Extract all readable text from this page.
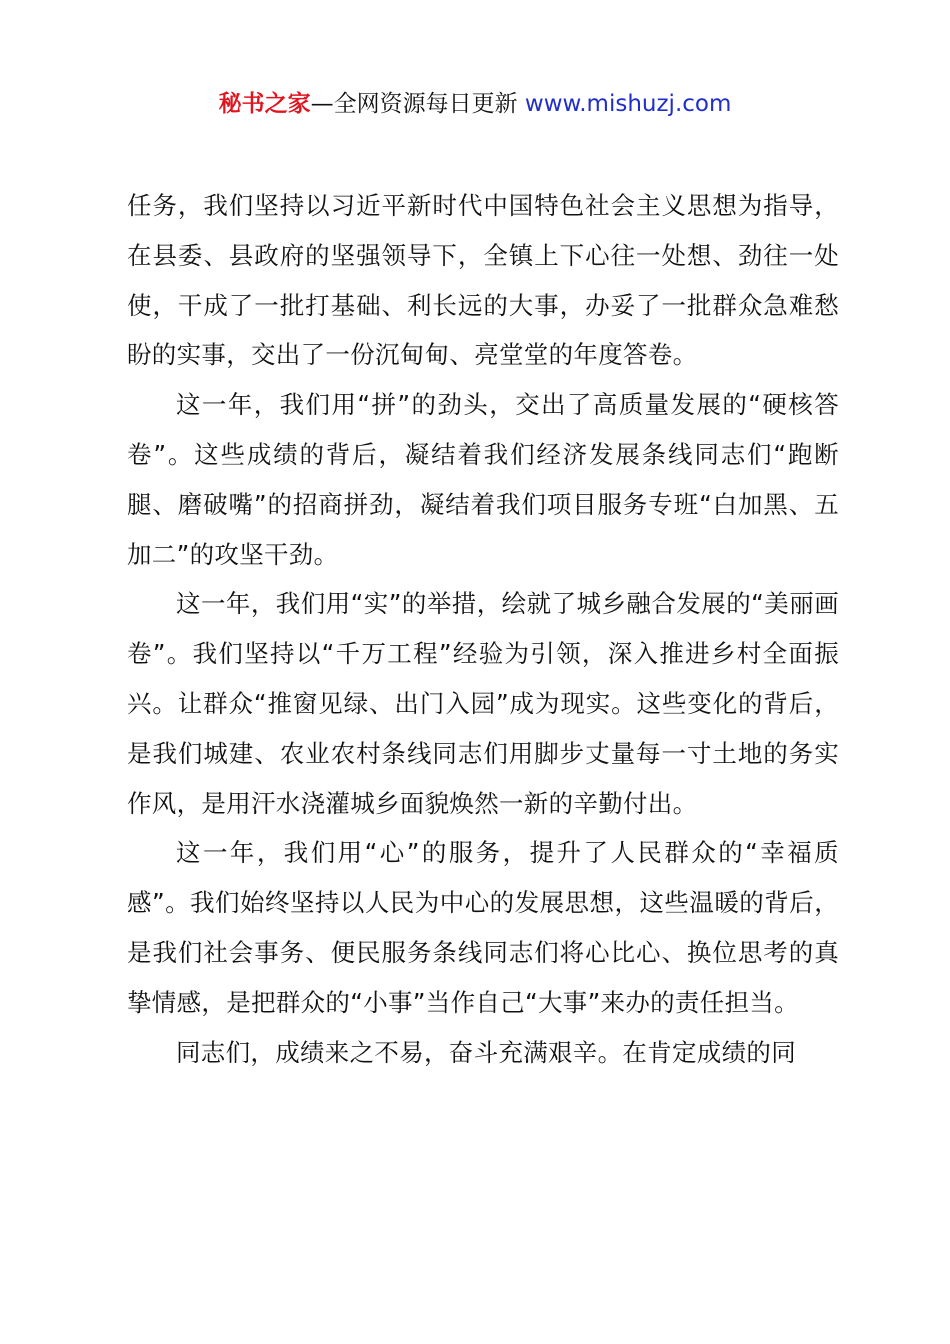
秘书之家—全网资源每日更新 www.mishuzj.com

任务，我们坚持以习近平新时代中国特色社会主义思想为指导，在县委、县政府的坚强领导下，全镇上下心往一处想、劲往一处使，干成了一批打基础、利长远的大事，办妥了一批群众急难愁盼的实事，交出了一份沉甸甸、亮堂堂的年度答卷。

这一年，我们用“拼”的劲头，交出了高质量发展的“硬核答卷”。这些成绩的背后，凝结着我们经济发展条线同志们“跑断腿、磨破嘴”的招商拼劲，凝结着我们项目服务专班“白加黑、五加二”的攻坚干劲。

这一年，我们用“实”的举措，绘就了城乡融合发展的“美丽画卷”。我们坚持以“千万工程”经验为引领，深入推进乡村全面振兴。让群众“推窗见绿、出门入园”成为现实。这些变化的背后，是我们城建、农业农村条线同志们用脚步丈量每一寸土地的务实作风，是用汗水浇灌城乡面貌焕然一新的辛勤付出。

这一年，我们用“心”的服务，提升了人民群众的“幸福质感”。我们始终坚持以人民为中心的发展思想，这些温暖的背后，是我们社会事务、便民服务条线同志们将心比心、换位思考的真挚情感，是把群众的“小事”当作自己“大事”来办的责任担当。

同志们，成绩来之不易，奋斗充满艰辛。在肯定成绩的同
